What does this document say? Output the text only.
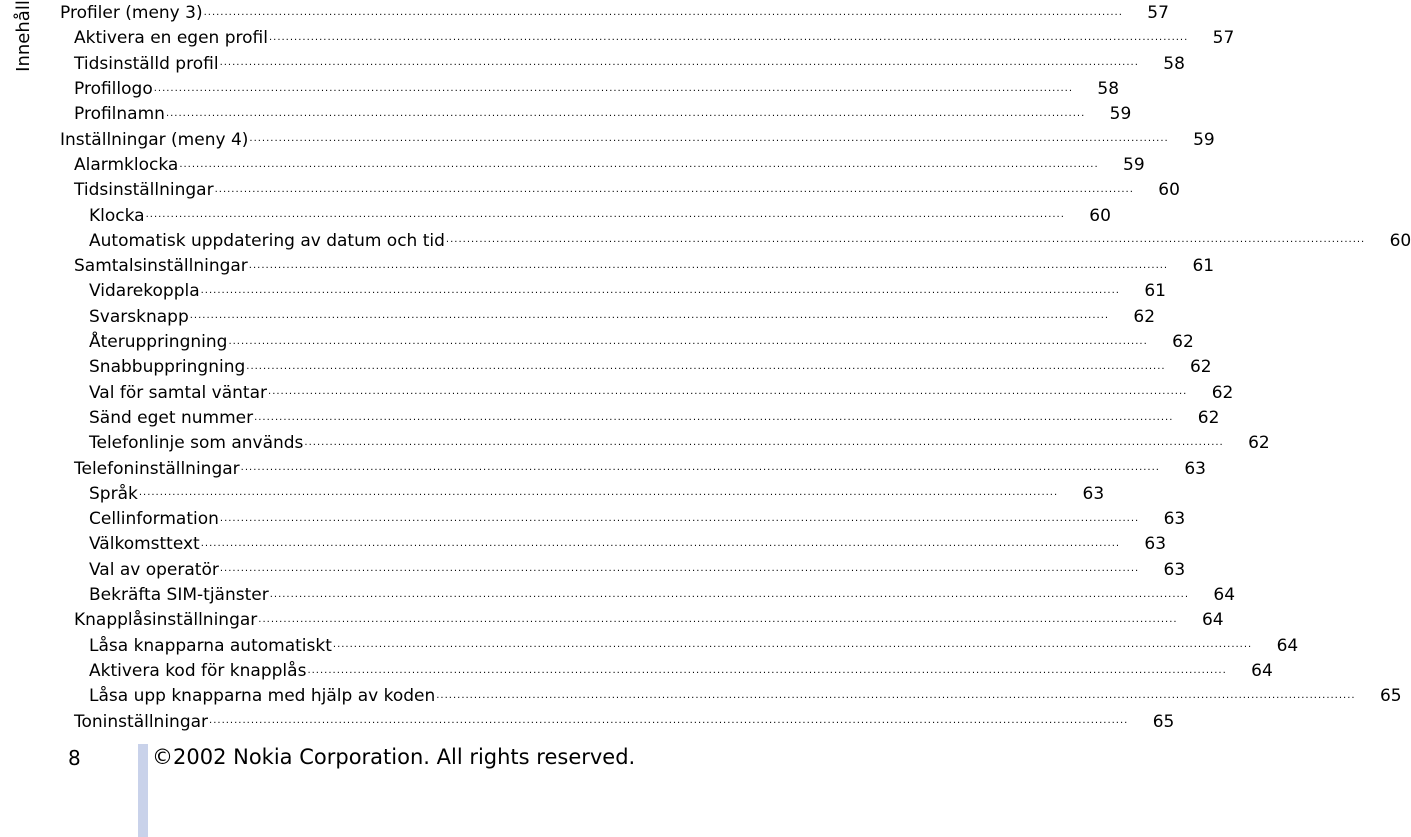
Innehåll Profiler (meny 3) ............................................................................................................................................................................................................................	57
Aktivera en egen profil ............................................................................................................................................................................................................................	57
Tidsinställd profil ............................................................................................................................................................................................................................	58
Profillogo ............................................................................................................................................................................................................................	58
Profilnamn ............................................................................................................................................................................................................................	59
Inställningar (meny 4) ............................................................................................................................................................................................................................	59
Alarmklocka ............................................................................................................................................................................................................................	59
Tidsinställningar ............................................................................................................................................................................................................................	60
Klocka ............................................................................................................................................................................................................................	60
Automatisk uppdatering av datum och tid ............................................................................................................................................................................................................................	60
Samtalsinställningar ............................................................................................................................................................................................................................	61
Vidarekoppla ............................................................................................................................................................................................................................	61
Svarsknapp ............................................................................................................................................................................................................................	62
Återuppringning ............................................................................................................................................................................................................................	62
Snabbuppringning ............................................................................................................................................................................................................................	62
Val för samtal väntar ............................................................................................................................................................................................................................	62
Sänd eget nummer ............................................................................................................................................................................................................................	62
Telefonlinje som används ............................................................................................................................................................................................................................	62
Telefoninställningar ............................................................................................................................................................................................................................	63
Språk ............................................................................................................................................................................................................................	63
Cellinformation ............................................................................................................................................................................................................................	63
Välkomsttext ............................................................................................................................................................................................................................	63
Val av operatör ............................................................................................................................................................................................................................	63
Bekräfta SIM-tjänster ............................................................................................................................................................................................................................	64
Knapplåsinställningar ............................................................................................................................................................................................................................	64
Låsa knapparna automatiskt ............................................................................................................................................................................................................................	64
Aktivera kod för knapplås ............................................................................................................................................................................................................................	64
Låsa upp knapparna med hjälp av koden ............................................................................................................................................................................................................................	65
Toninställningar ............................................................................................................................................................................................................................	65
8	©2002 Nokia Corporation. All rights reserved.
